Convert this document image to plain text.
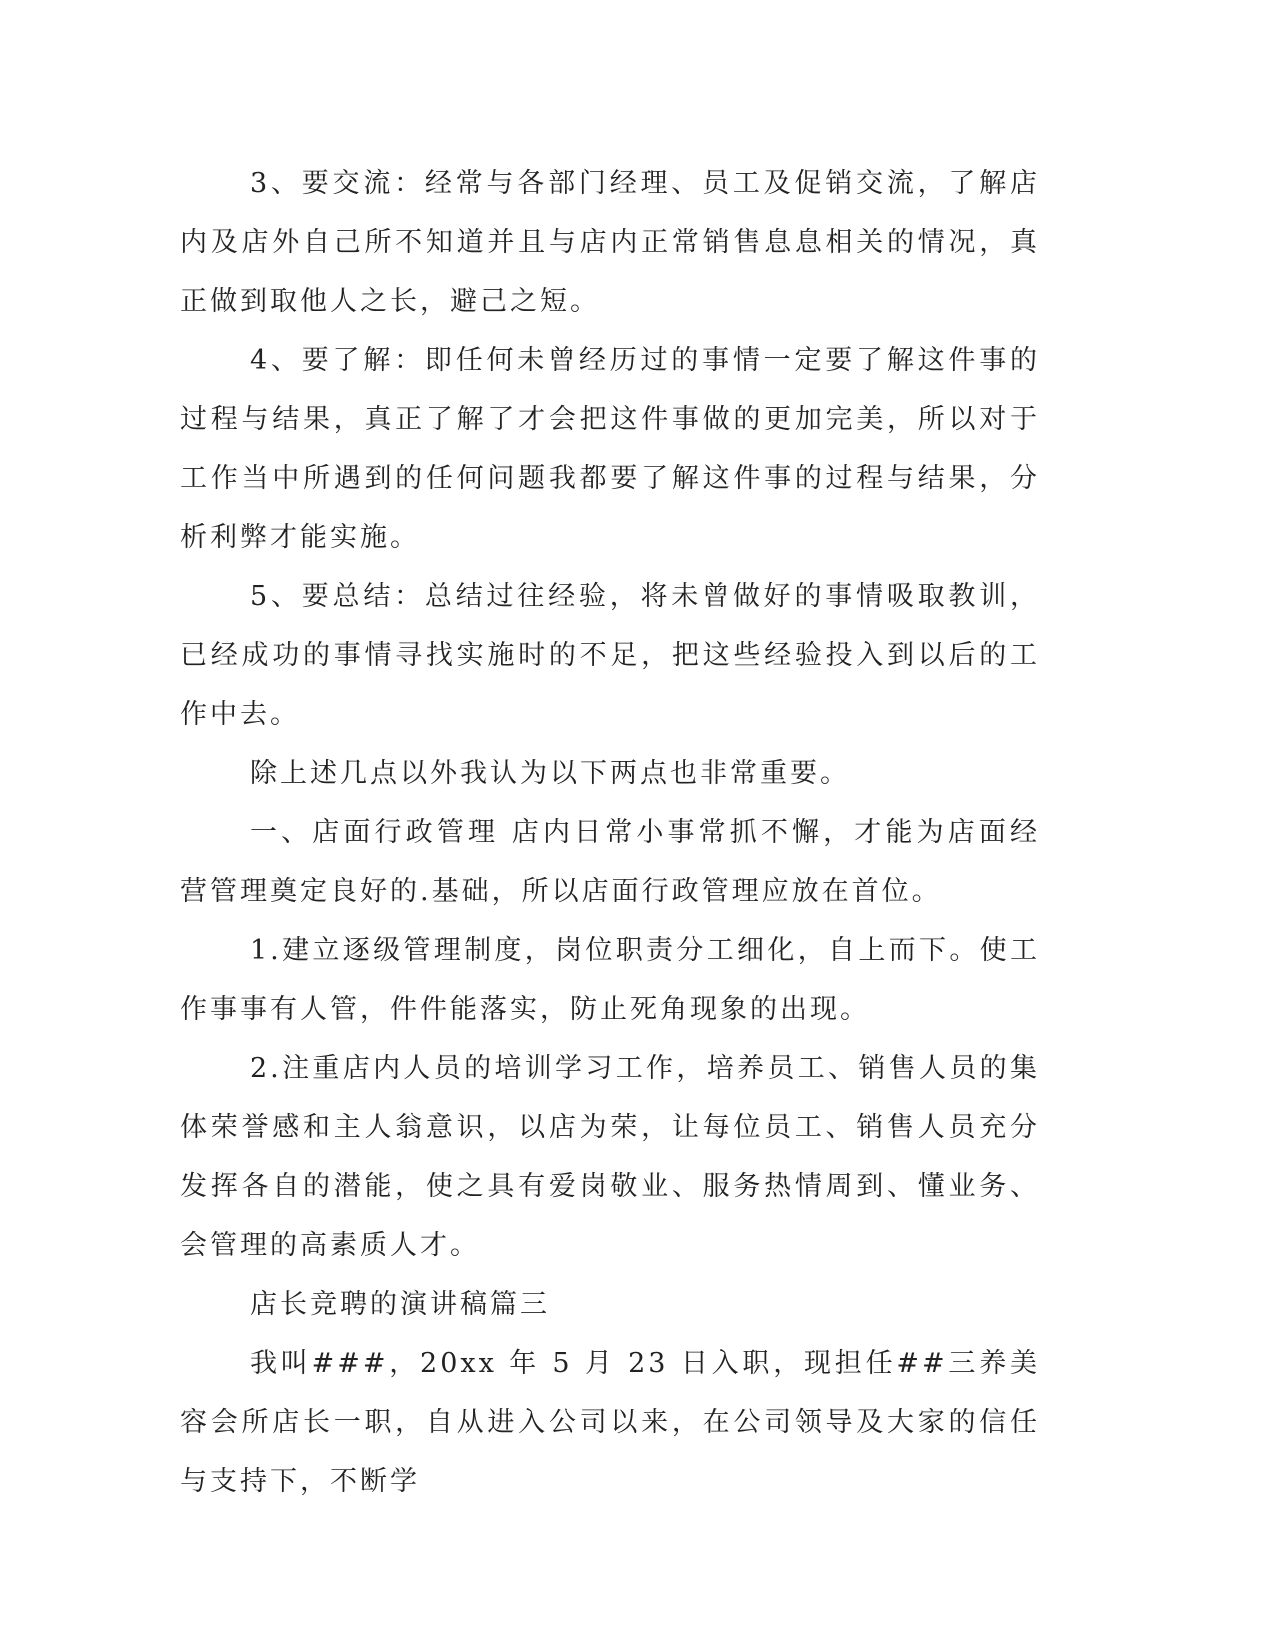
3、要交流：经常与各部门经理、员工及促销交流，了解店内及店外自己所不知道并且与店内正常销售息息相关的情况，真正做到取他人之长，避己之短。

4、要了解：即任何未曾经历过的事情一定要了解这件事的过程与结果，真正了解了才会把这件事做的更加完美，所以对于工作当中所遇到的任何问题我都要了解这件事的过程与结果，分析利弊才能实施。

5、要总结：总结过往经验，将未曾做好的事情吸取教训，已经成功的事情寻找实施时的不足，把这些经验投入到以后的工作中去。

除上述几点以外我认为以下两点也非常重要。

一、店面行政管理 店内日常小事常抓不懈，才能为店面经营管理奠定良好的.基础，所以店面行政管理应放在首位。

1.建立逐级管理制度，岗位职责分工细化，自上而下。使工作事事有人管，件件能落实，防止死角现象的出现。

2.注重店内人员的培训学习工作，培养员工、销售人员的集体荣誉感和主人翁意识，以店为荣，让每位员工、销售人员充分发挥各自的潜能，使之具有爱岗敬业、服务热情周到、懂业务、会管理的高素质人才。

店长竞聘的演讲稿篇三

我叫###，20xx 年 5 月 23 日入职，现担任##三养美容会所店长一职，自从进入公司以来，在公司领导及大家的信任与支持下，不断学
